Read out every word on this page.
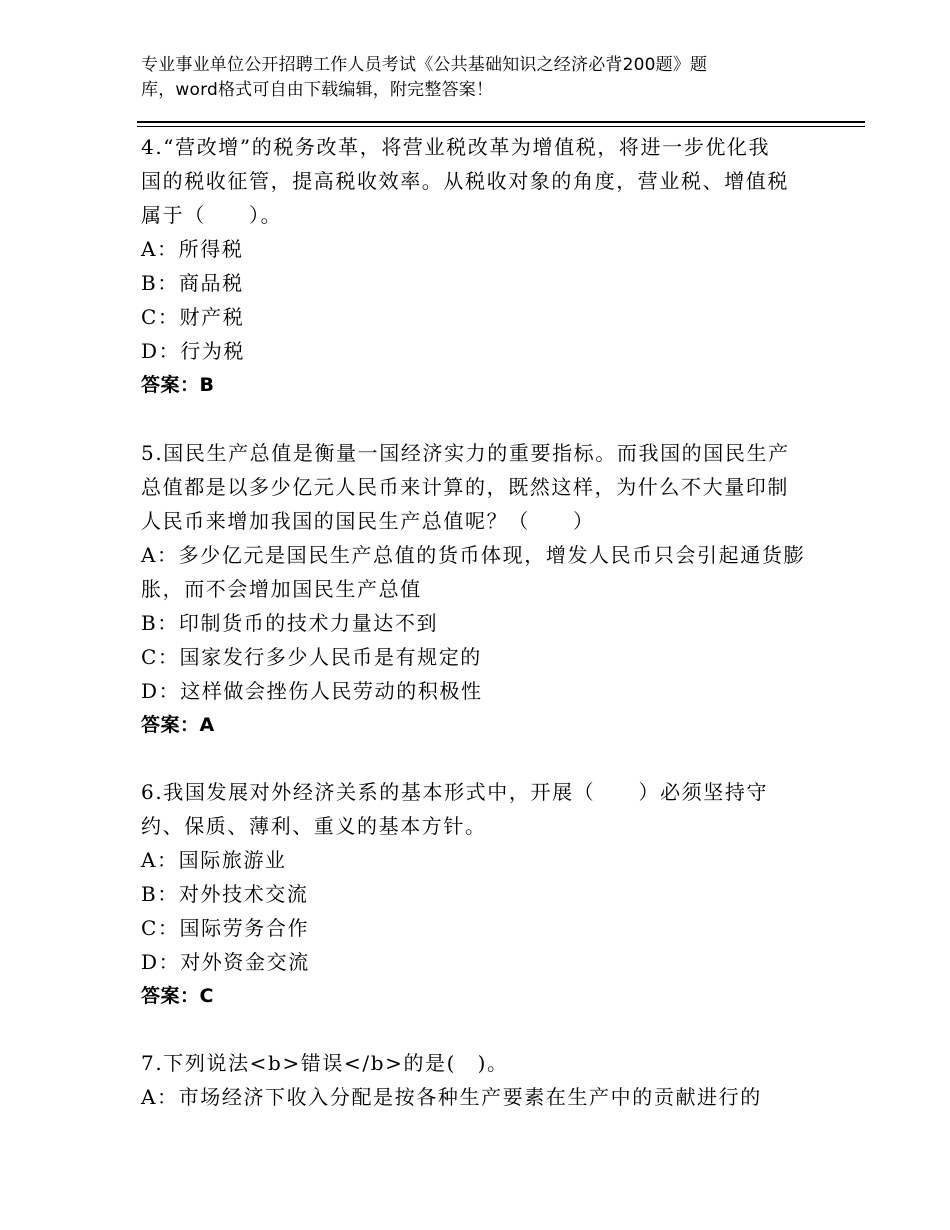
专业事业单位公开招聘工作人员考试《公共基础知识之经济必背200题》题
库，word格式可自由下载编辑，附完整答案！
4.“营改增”的税务改革，将营业税改革为增值税，将进一步优化我
国的税收征管，提高税收效率。从税收对象的角度，营业税、增值税
属于（　　）。
A：所得税
B：商品税
C：财产税
D：行为税
答案：B
5.国民生产总值是衡量一国经济实力的重要指标。而我国的国民生产
总值都是以多少亿元人民币来计算的，既然这样，为什么不大量印制
人民币来增加我国的国民生产总值呢？（　　）
A：多少亿元是国民生产总值的货币体现，增发人民币只会引起通货膨
胀，而不会增加国民生产总值
B：印制货币的技术力量达不到
C：国家发行多少人民币是有规定的
D：这样做会挫伤人民劳动的积极性
答案：A
6.我国发展对外经济关系的基本形式中，开展（　　）必须坚持守
约、保质、薄利、重义的基本方针。
A：国际旅游业
B：对外技术交流
C：国际劳务合作
D：对外资金交流
答案：C
7.下列说法<b>错误</b>的是(　)。
A：市场经济下收入分配是按各种生产要素在生产中的贡献进行的
